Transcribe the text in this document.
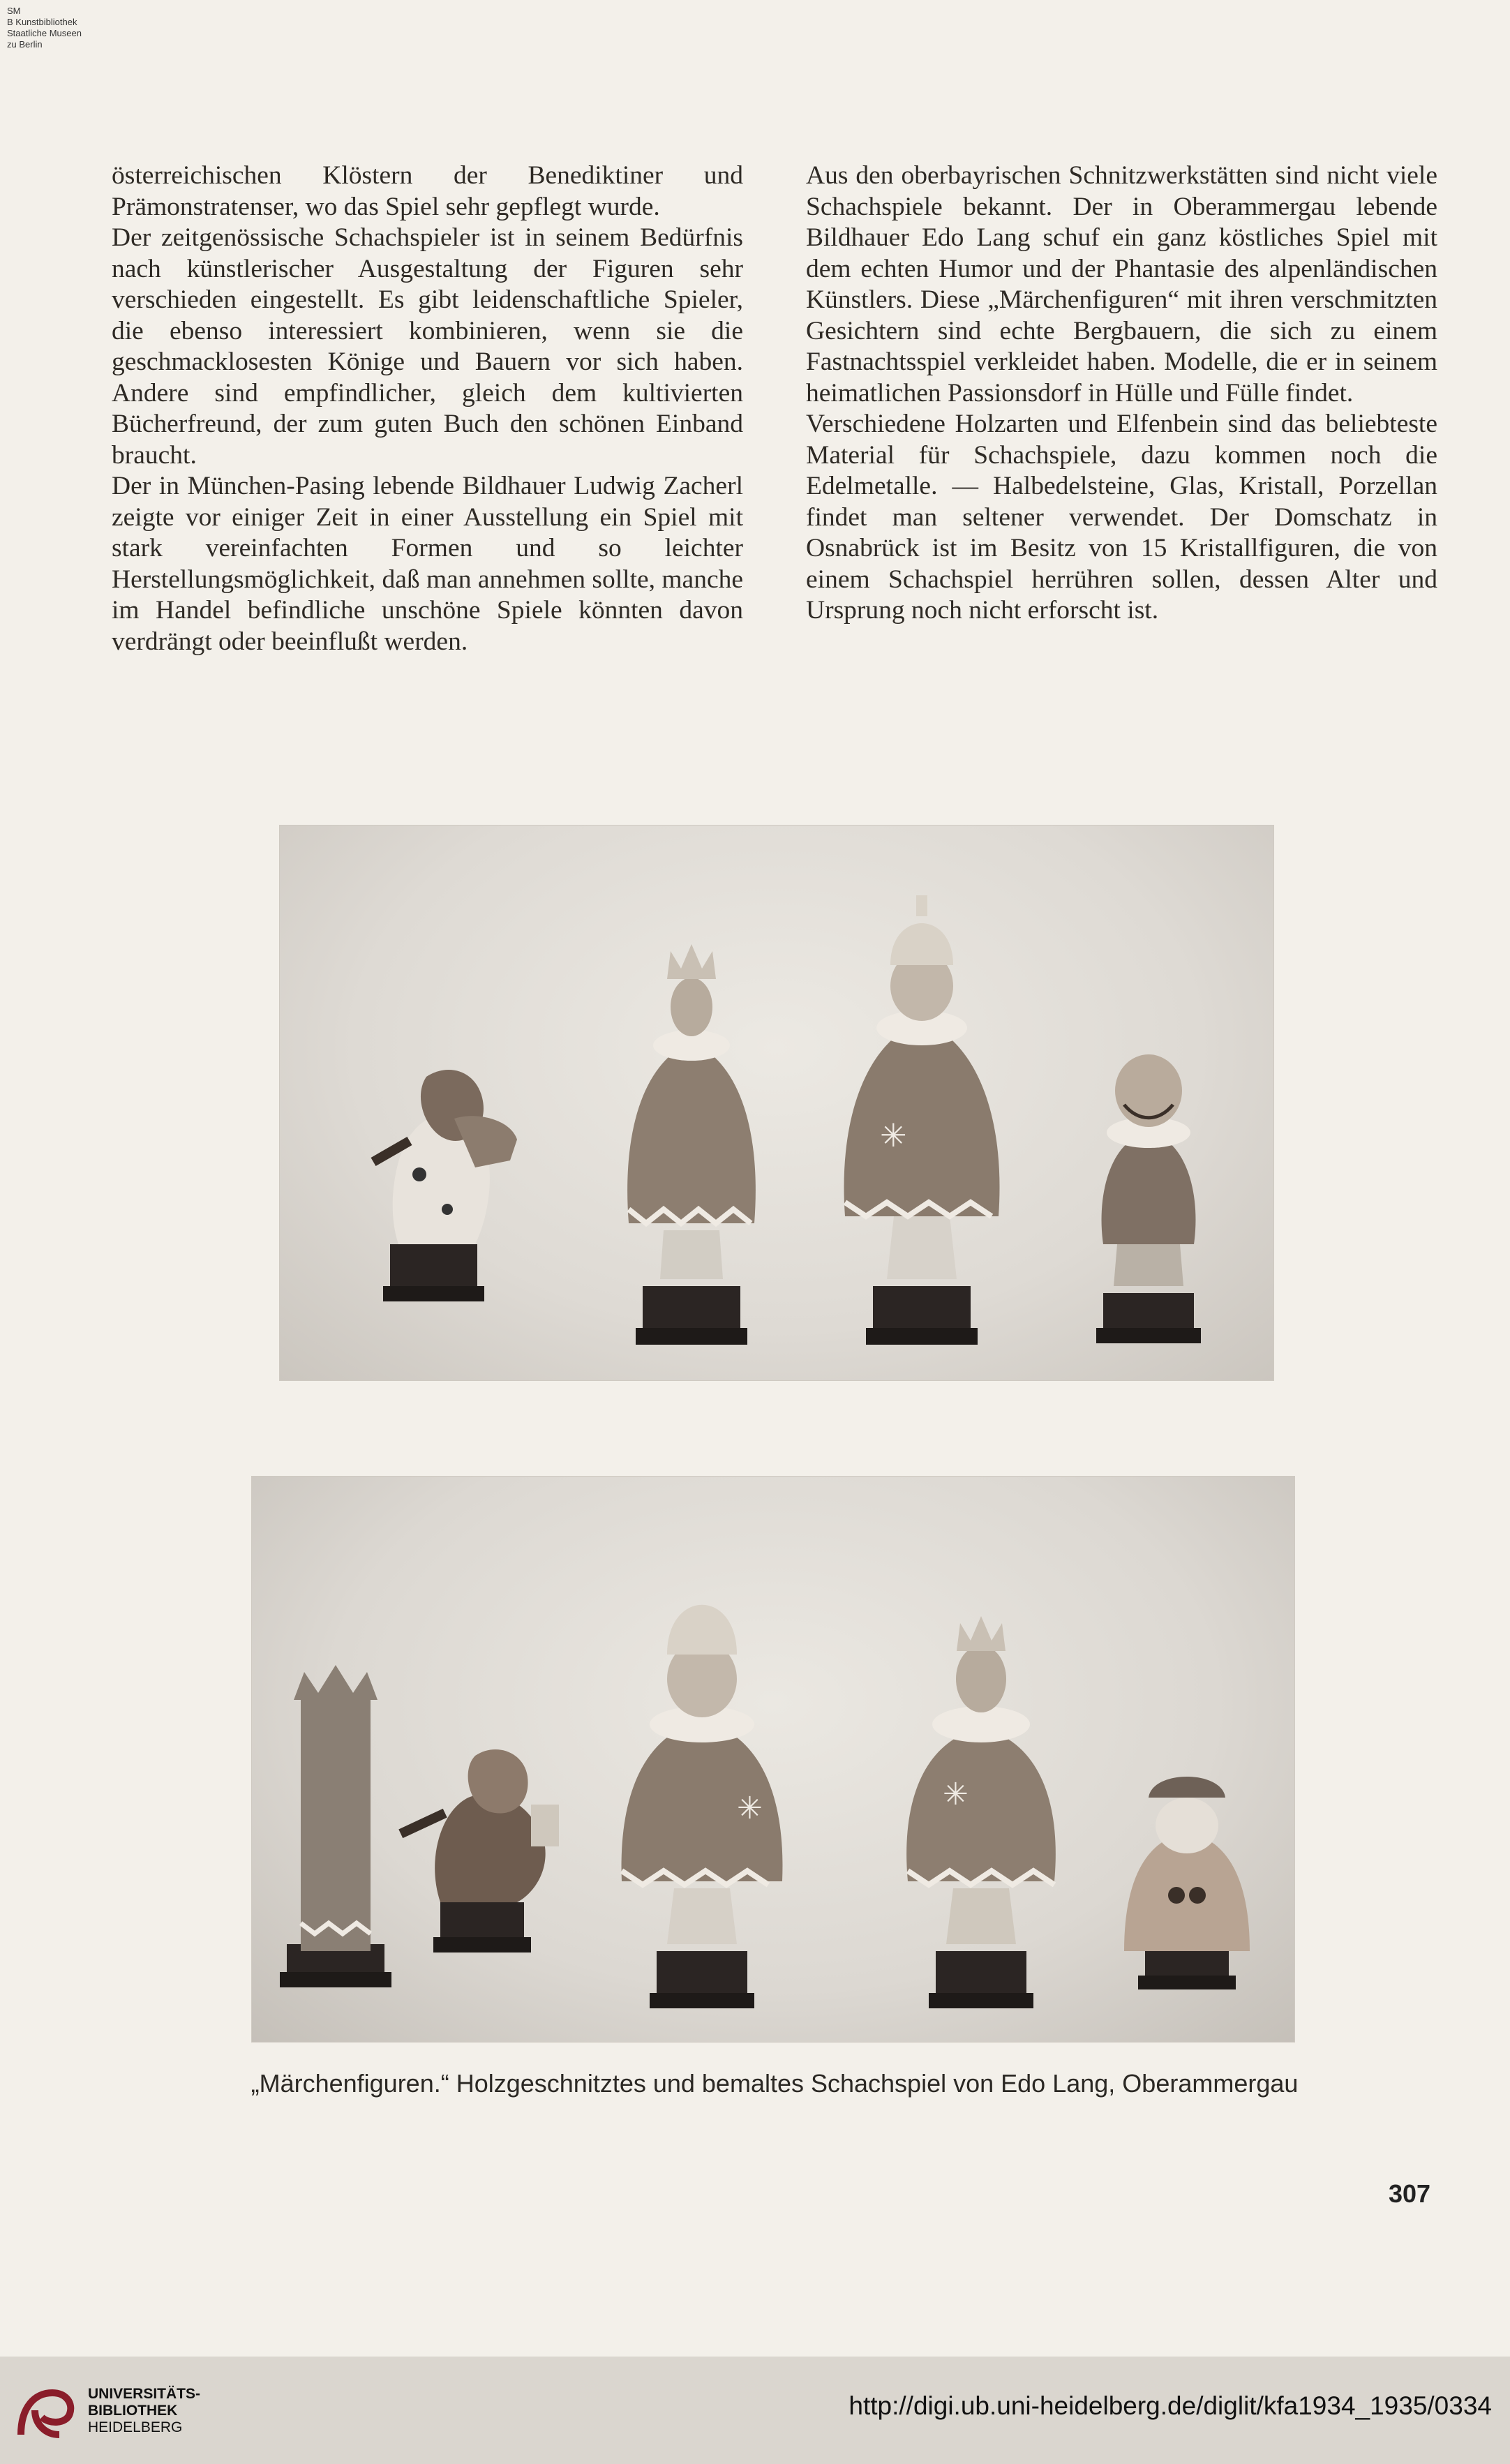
SM
B Kunstbibliothek
Staatliche Museen
zu Berlin

österreichischen Klöstern der Benediktiner und Prämonstratenser, wo das Spiel sehr gepflegt wurde.

Der zeitgenössische Schachspieler ist in seinem Bedürfnis nach künstlerischer Ausgestaltung der Figuren sehr verschieden eingestellt. Es gibt leidenschaftliche Spieler, die ebenso interessiert kombinieren, wenn sie die geschmacklosesten Könige und Bauern vor sich haben. Andere sind empfindlicher, gleich dem kultivierten Bücherfreund, der zum guten Buch den schönen Einband braucht.

Der in München-Pasing lebende Bildhauer Ludwig Zacherl zeigte vor einiger Zeit in einer Ausstellung ein Spiel mit stark vereinfachten Formen und so leichter Herstellungsmöglichkeit, daß man annehmen sollte, manche im Handel befindliche unschöne Spiele könnten davon verdrängt oder beeinflußt werden.

Aus den oberbayrischen Schnitzwerkstätten sind nicht viele Schachspiele bekannt. Der in Oberammergau lebende Bildhauer Edo Lang schuf ein ganz köstliches Spiel mit dem echten Humor und der Phantasie des alpenländischen Künstlers. Diese „Märchenfiguren“ mit ihren verschmitzten Gesichtern sind echte Bergbauern, die sich zu einem Fastnachtsspiel verkleidet haben. Modelle, die er in seinem heimatlichen Passionsdorf in Hülle und Fülle findet.

Verschiedene Holzarten und Elfenbein sind das beliebteste Material für Schachspiele, dazu kommen noch die Edelmetalle. — Halbedelsteine, Glas, Kristall, Porzellan findet man seltener verwendet. Der Domschatz in Osnabrück ist im Besitz von 15 Kristallfiguren, die von einem Schachspiel herrühren sollen, dessen Alter und Ursprung noch nicht erforscht ist.

✳
✳	✳
„Märchenfiguren.“ Holzgeschnitztes und bemaltes Schachspiel von Edo Lang, Oberammergau
307
UNIVERSITÄTS-
BIBLIOTHEK
HEIDELBERG
http://digi.ub.uni-heidelberg.de/diglit/kfa1934_1935/0334
